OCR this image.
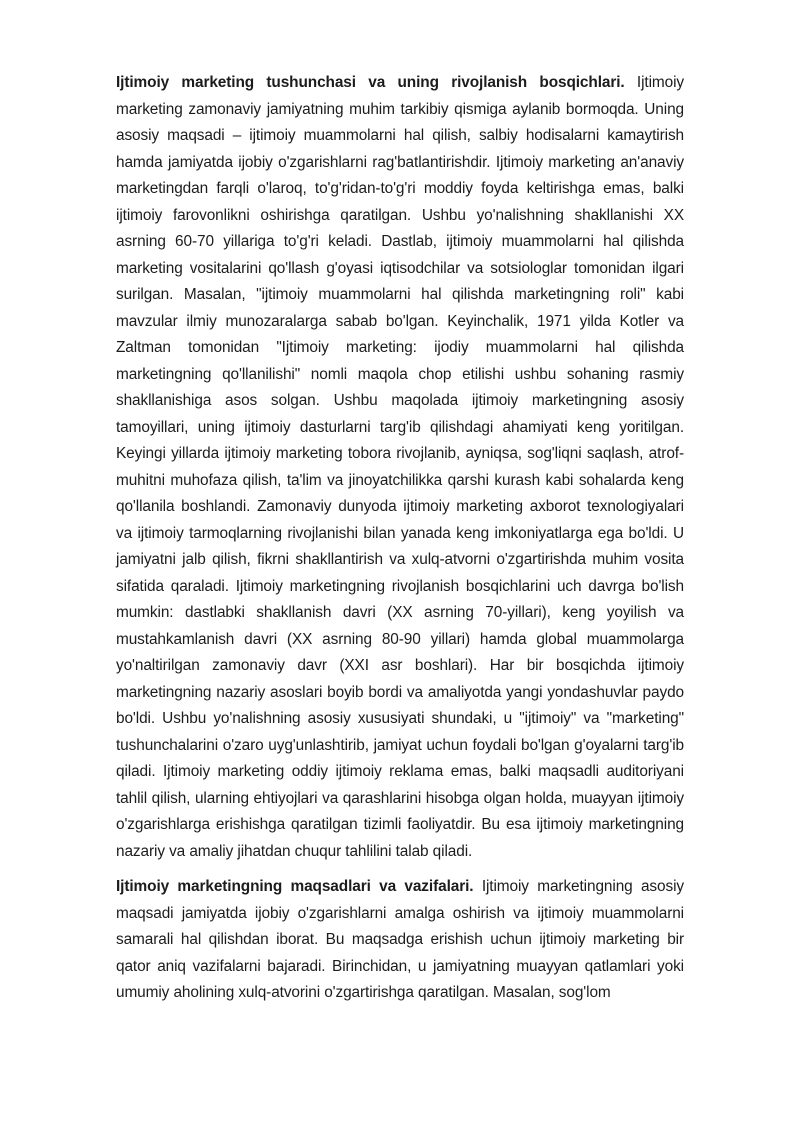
Ijtimoiy marketing tushunchasi va uning rivojlanish bosqichlari. Ijtimoiy marketing zamonaviy jamiyatning muhim tarkibiy qismiga aylanib bormoqda. Uning asosiy maqsadi – ijtimoiy muammolarni hal qilish, salbiy hodisalarni kamaytirish hamda jamiyatda ijobiy o'zgarishlarni rag'batlantirishdir. Ijtimoiy marketing an'anaviy marketingdan farqli o'laroq, to'g'ridan-to'g'ri moddiy foyda keltirishga emas, balki ijtimoiy farovonlikni oshirishga qaratilgan. Ushbu yo'nalishning shakllanishi XX asrning 60-70 yillariga to'g'ri keladi. Dastlab, ijtimoiy muammolarni hal qilishda marketing vositalarini qo'llash g'oyasi iqtisodchilar va sotsiologlar tomonidan ilgari surilgan. Masalan, "ijtimoiy muammolarni hal qilishda marketingning roli" kabi mavzular ilmiy munozaralarga sabab bo'lgan. Keyinchalik, 1971 yilda Kotler va Zaltman tomonidan "Ijtimoiy marketing: ijodiy muammolarni hal qilishda marketingning qo'llanilishi" nomli maqola chop etilishi ushbu sohaning rasmiy shakllanishiga asos solgan. Ushbu maqolada ijtimoiy marketingning asosiy tamoyillari, uning ijtimoiy dasturlarni targ'ib qilishdagi ahamiyati keng yoritilgan. Keyingi yillarda ijtimoiy marketing tobora rivojlanib, ayniqsa, sog'liqni saqlash, atrof-muhitni muhofaza qilish, ta'lim va jinoyatchilikka qarshi kurash kabi sohalarda keng qo'llanila boshlandi. Zamonaviy dunyoda ijtimoiy marketing axborot texnologiyalari va ijtimoiy tarmoqlarning rivojlanishi bilan yanada keng imkoniyatlarga ega bo'ldi. U jamiyatni jalb qilish, fikrni shakllantirish va xulq-atvorni o'zgartirishda muhim vosita sifatida qaraladi. Ijtimoiy marketingning rivojlanish bosqichlarini uch davrga bo'lish mumkin: dastlabki shakllanish davri (XX asrning 70-yillari), keng yoyilish va mustahkamlanish davri (XX asrning 80-90 yillari) hamda global muammolarga yo'naltirilgan zamonaviy davr (XXI asr boshlari). Har bir bosqichda ijtimoiy marketingning nazariy asoslari boyib bordi va amaliyotda yangi yondashuvlar paydo bo'ldi. Ushbu yo'nalishning asosiy xususiyati shundaki, u "ijtimoiy" va "marketing" tushunchalarini o'zaro uyg'unlashtirib, jamiyat uchun foydali bo'lgan g'oyalarni targ'ib qiladi. Ijtimoiy marketing oddiy ijtimoiy reklama emas, balki maqsadli auditoriyani tahlil qilish, ularning ehtiyojlari va qarashlarini hisobga olgan holda, muayyan ijtimoiy o'zgarishlarga erishishga qaratilgan tizimli faoliyatdir. Bu esa ijtimoiy marketingning nazariy va amaliy jihatdan chuqur tahlilini talab qiladi.

Ijtimoiy marketingning maqsadlari va vazifalari. Ijtimoiy marketingning asosiy maqsadi jamiyatda ijobiy o'zgarishlarni amalga oshirish va ijtimoiy muammolarni samarali hal qilishdan iborat. Bu maqsadga erishish uchun ijtimoiy marketing bir qator aniq vazifalarni bajaradi. Birinchidan, u jamiyatning muayyan qatlamlari yoki umumiy aholining xulq-atvorini o'zgartirishga qaratilgan. Masalan, sog'lom
